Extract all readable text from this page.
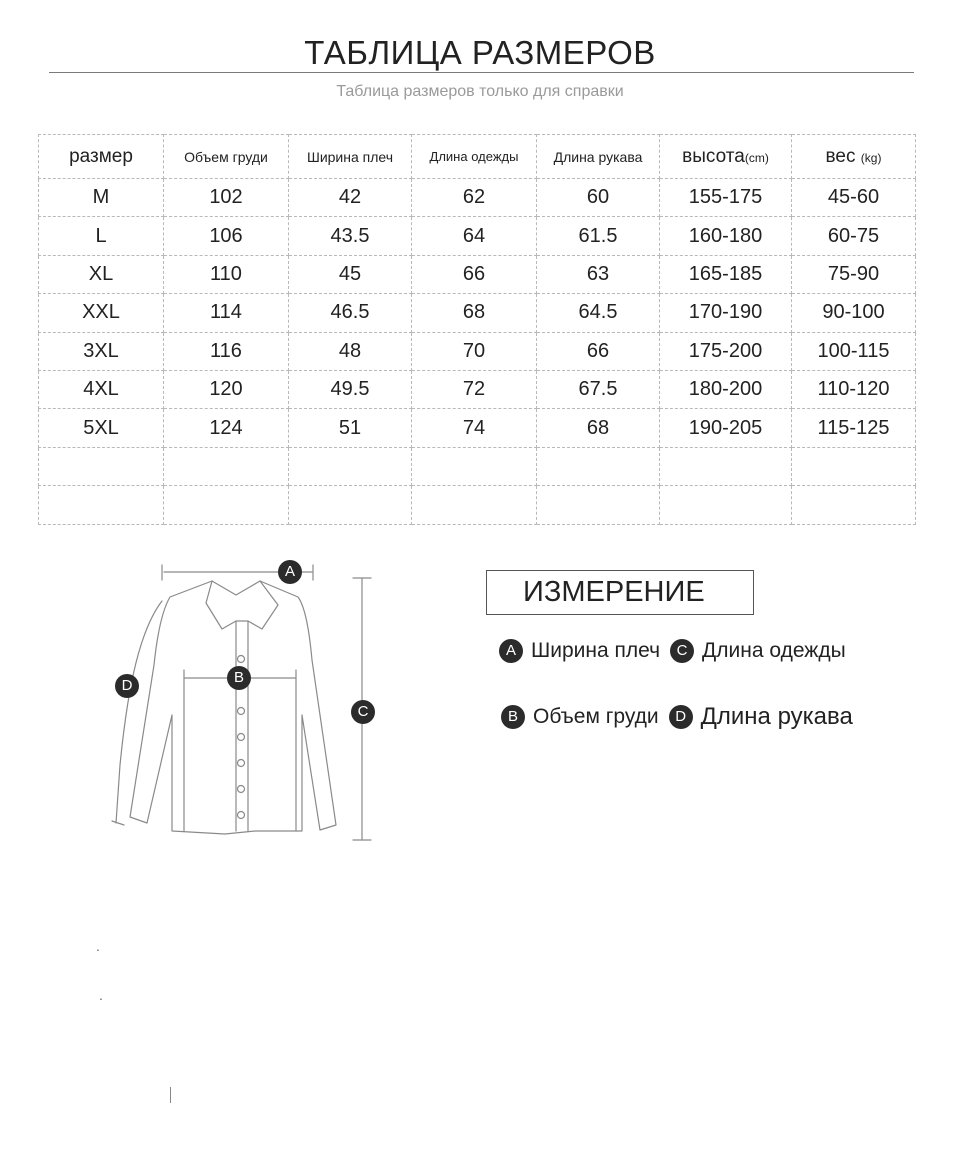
ТАБЛИЦА РАЗМЕРОВ
Таблица размеров только для справки
размер	Объем груди	Ширина плеч	Длина одежды	Длина рукава	высота(cm)	вес (kg)
M	102	42	62	60	155-175	45-60
L	106	43.5	64	61.5	160-180	60-75
XL	110	45	66	63	165-185	75-90
XXL	114	46.5	68	64.5	170-190	90-100
3XL	116	48	70	66	175-200	100-115
4XL	120	49.5	72	67.5	180-200	110-120
5XL	124	51	74	68	190-205	115-125

A
B
C
D
ИЗМЕРЕНИЕ
A Ширина плеч	C Длина одежды
B Объем груди	D Длина рукава
.
.
